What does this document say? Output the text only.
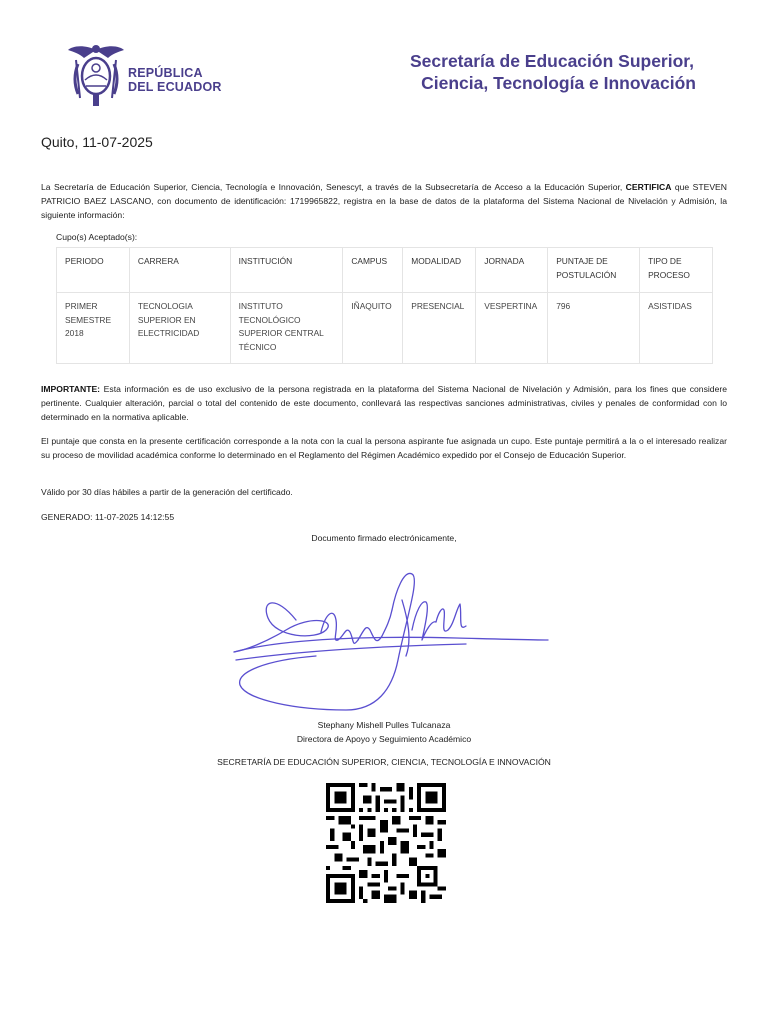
REPÚBLICA
DEL ECUADOR
Secretaría de Educación Superior,
Ciencia, Tecnología e Innovación
Quito, 11-07-2025
La Secretaría de Educación Superior, Ciencia, Tecnología e Innovación, Senescyt, a través de la Subsecretaría de Acceso a la Educación Superior, CERTIFICA que STEVEN PATRICIO BAEZ LASCANO, con documento de identificación: 1719965822, registra en la base de datos de la plataforma del Sistema Nacional de Nivelación y Admisión, la siguiente información:
Cupo(s) Aceptado(s):
PERIODO	CARRERA	INSTITUCIÓN	CAMPUS	MODALIDAD	JORNADA	PUNTAJE DE POSTULACIÓN	TIPO DE PROCESO
PRIMER SEMESTRE 2018	TECNOLOGIA SUPERIOR EN ELECTRICIDAD	INSTITUTO TECNOLÓGICO SUPERIOR CENTRAL TÉCNICO	IÑAQUITO	PRESENCIAL	VESPERTINA	796	ASISTIDAS
IMPORTANTE: Esta información es de uso exclusivo de la persona registrada en la plataforma del Sistema Nacional de Nivelación y Admisión, para los fines que considere pertinente. Cualquier alteración, parcial o total del contenido de este documento, conllevará las respectivas sanciones administrativas, civiles y penales de conformidad con lo determinado en la normativa aplicable.
El puntaje que consta en la presente certificación corresponde a la nota con la cual la persona aspirante fue asignada un cupo. Este puntaje permitirá a la o el interesado realizar su proceso de movilidad académica conforme lo determinado en el Reglamento del Régimen Académico expedido por el Consejo de Educación Superior.
Válido por 30 días hábiles a partir de la generación del certificado.
GENERADO: 11-07-2025 14:12:55
Documento firmado electrónicamente,
Stephany Mishell Pulles Tulcanaza
Directora de Apoyo y Seguimiento Académico
SECRETARÍA DE EDUCACIÓN SUPERIOR, CIENCIA, TECNOLOGÍA E INNOVACIÓN
